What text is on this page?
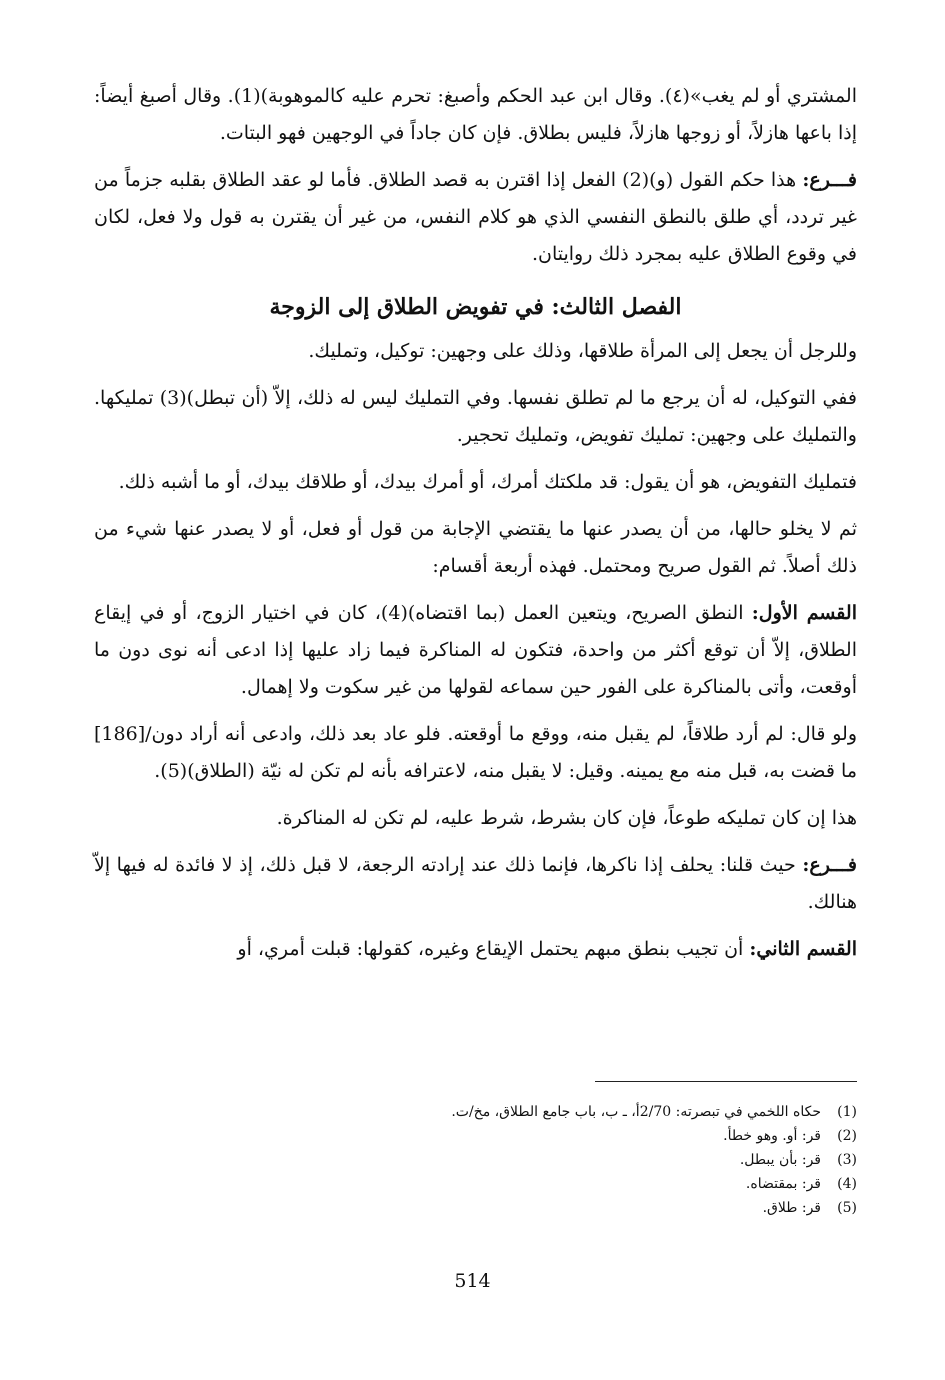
المشتري أو لم يغب»(٤). وقال ابن عبد الحكم وأصبغ: تحرم عليه كالموهوبة)(1). وقال أصبغ أيضاً: إذا باعها هازلاً، أو زوجها هازلاً، فليس بطلاق. فإن كان جاداً في الوجهين فهو البتات.

فـــرع: هذا حكم القول (و)(2) الفعل إذا اقترن به قصد الطلاق. فأما لو عقد الطلاق بقلبه جزماً من غير تردد، أي طلق بالنطق النفسي الذي هو كلام النفس، من غير أن يقترن به قول ولا فعل، لكان في وقوع الطلاق عليه بمجرد ذلك روايتان.

الفصل الثالث: في تفويض الطلاق إلى الزوجة

وللرجل أن يجعل إلى المرأة طلاقها، وذلك على وجهين: توكيل، وتمليك.

ففي التوكيل، له أن يرجع ما لم تطلق نفسها. وفي التمليك ليس له ذلك، إلاّ (أن تبطل)(3) تمليكها. والتمليك على وجهين: تمليك تفويض، وتمليك تحجير.

فتمليك التفويض، هو أن يقول: قد ملكتك أمرك، أو أمرك بيدك، أو طلاقك بيدك، أو ما أشبه ذلك.

ثم لا يخلو حالها، من أن يصدر عنها ما يقتضي الإجابة من قول أو فعل، أو لا يصدر عنها شيء من ذلك أصلاً. ثم القول صريح ومحتمل. فهذه أربعة أقسام:

القسم الأول: النطق الصريح، ويتعين العمل (بما اقتضاه)(4)، كان في اختيار الزوج، أو في إيقاع الطلاق، إلاّ أن توقع أكثر من واحدة، فتكون له المناكرة فيما زاد عليها إذا ادعى أنه نوى دون ما أوقعت، وأتى بالمناكرة على الفور حين سماعه لقولها من غير سكوت ولا إهمال.

ولو قال: لم أرد طلاقاً، لم يقبل منه، ووقع ما أوقعته. فلو عاد بعد ذلك، وادعى أنه أراد دون/[186] ما قضت به، قبل منه مع يمينه. وقيل: لا يقبل منه، لاعترافه بأنه لم تكن له نيّة (الطلاق)(5).

هذا إن كان تمليكه طوعاً، فإن كان بشرط، شرط عليه، لم تكن له المناكرة.

فـــرع: حيث قلنا: يحلف إذا ناكرها، فإنما ذلك عند إرادته الرجعة، لا قبل ذلك، إذ لا فائدة له فيها إلاّ هنالك.

القسم الثاني: أن تجيب بنطق مبهم يحتمل الإيقاع وغيره، كقولها: قبلت أمري، أو

(1)
حكاه اللخمي في تبصرته: 2/70أ، ـ ب، باب جامع الطلاق، مخ/ت.
(2)
قر: أو. وهو خطأ.
(3)
قر: بأن يبطل.
(4)
قر: بمقتضاه.
(5)
قر: طلاق.
514
